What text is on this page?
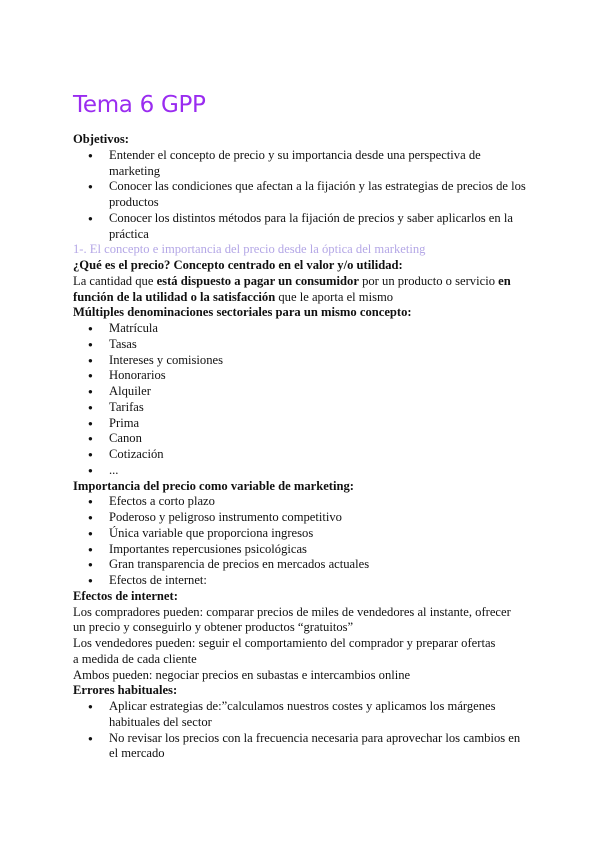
Tema 6 GPP

Objetivos:

● Entender el concepto de precio y su importancia desde una perspectiva de marketing
● Conocer las condiciones que afectan a la fijación y las estrategias de precios de los productos
● Conocer los distintos métodos para la fijación de precios y saber aplicarlos en la práctica

1-. El concepto e importancia del precio desde la óptica del marketing

¿Qué es el precio? Concepto centrado en el valor y/o utilidad:

La cantidad que está dispuesto a pagar un consumidor por un producto o servicio en función de la utilidad o la satisfacción que le aporta el mismo

Múltiples denominaciones sectoriales para un mismo concepto:

● Matrícula
● Tasas
● Intereses y comisiones
● Honorarios
● Alquiler
● Tarifas
● Prima
● Canon
● Cotización
● ...

Importancia del precio como variable de marketing:

● Efectos a corto plazo
● Poderoso y peligroso instrumento competitivo
● Única variable que proporciona ingresos
● Importantes repercusiones psicológicas
● Gran transparencia de precios en mercados actuales
● Efectos de internet:

Efectos de internet:

Los compradores pueden: comparar precios de miles de vendedores al instante, ofrecer un precio y conseguirlo y obtener productos “gratuitos”

Los vendedores pueden: seguir el comportamiento del comprador y preparar ofertas a medida de cada cliente

Ambos pueden: negociar precios en subastas e intercambios online

Errores habituales:

● Aplicar estrategias de:”calculamos nuestros costes y aplicamos los márgenes habituales del sector
● No revisar los precios con la frecuencia necesaria para aprovechar los cambios en el mercado
